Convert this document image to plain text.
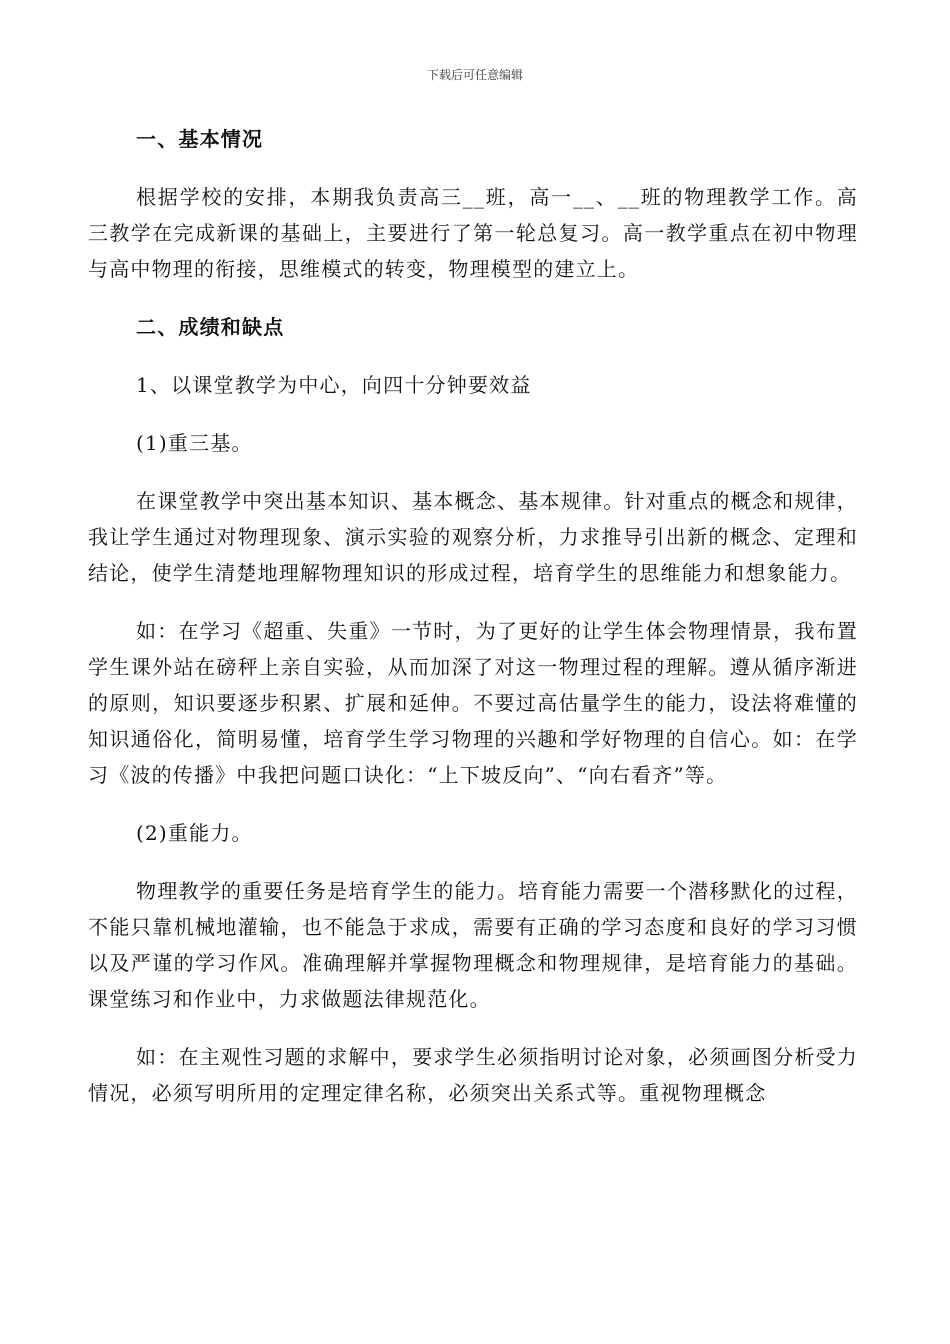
下载后可任意编辑
一、基本情况
根据学校的安排，本期我负责高三__班，高一__、__班的物理教学工作。高三教学在完成新课的基础上，主要进行了第一轮总复习。高一教学重点在初中物理与高中物理的衔接，思维模式的转变，物理模型的建立上。
二、成绩和缺点
1、以课堂教学为中心，向四十分钟要效益
(1)重三基。
在课堂教学中突出基本知识、基本概念、基本规律。针对重点的概念和规律，我让学生通过对物理现象、演示实验的观察分析，力求推导引出新的概念、定理和结论，使学生清楚地理解物理知识的形成过程，培育学生的思维能力和想象能力。
如：在学习《超重、失重》一节时，为了更好的让学生体会物理情景，我布置学生课外站在磅秤上亲自实验，从而加深了对这一物理过程的理解。遵从循序渐进的原则，知识要逐步积累、扩展和延伸。不要过高估量学生的能力，设法将难懂的知识通俗化，简明易懂，培育学生学习物理的兴趣和学好物理的自信心。如：在学习《波的传播》中我把问题口诀化：“上下坡反向”、“向右看齐”等。
(2)重能力。
物理教学的重要任务是培育学生的能力。培育能力需要一个潜移默化的过程，不能只靠机械地灌输，也不能急于求成，需要有正确的学习态度和良好的学习习惯以及严谨的学习作风。准确理解并掌握物理概念和物理规律，是培育能力的基础。课堂练习和作业中，力求做题法律规范化。
如：在主观性习题的求解中，要求学生必须指明讨论对象，必须画图分析受力情况，必须写明所用的定理定律名称，必须突出关系式等。重视物理概念
